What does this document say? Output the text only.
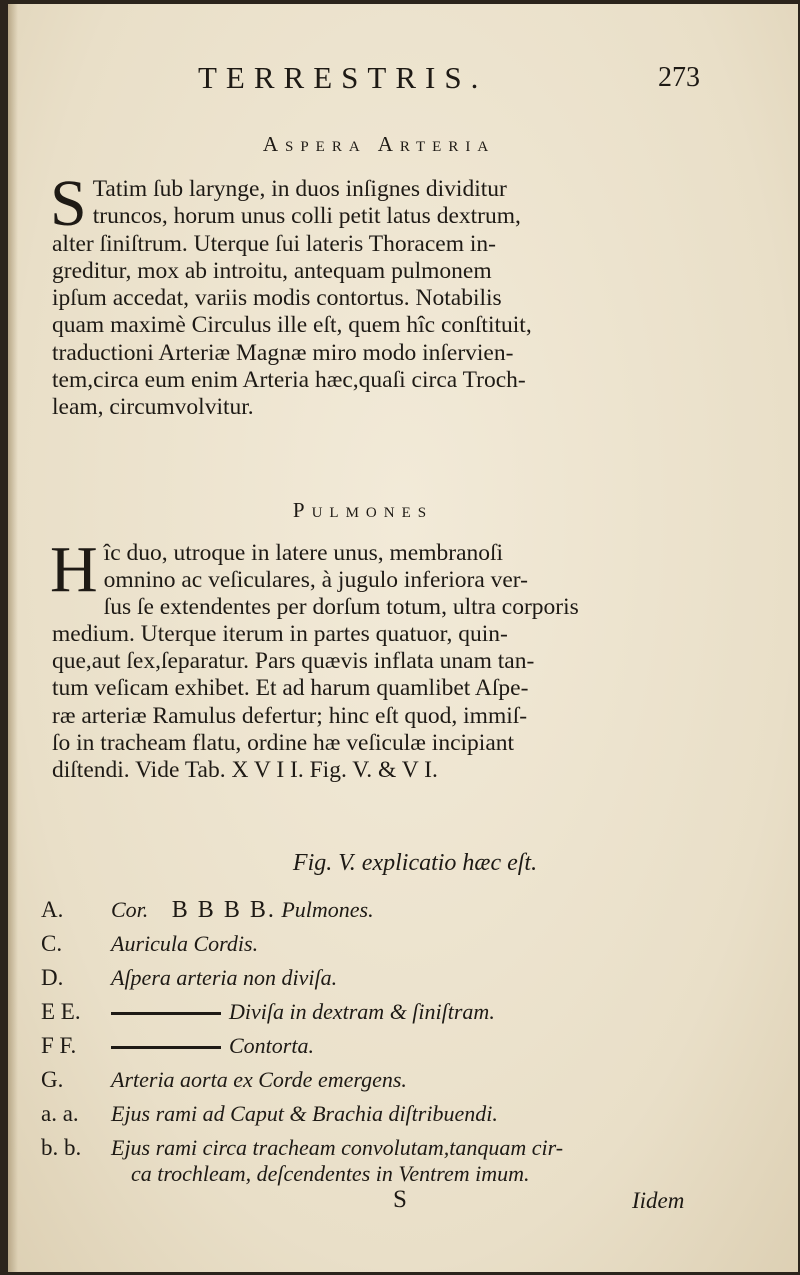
TERRESTRIS.	273
Aspera Arteria
S Tatim ſub larynge, in duos inſignes dividitur
truncos, horum unus colli petit latus dextrum,
alter ſiniſtrum. Uterque ſui lateris Thoracem in-
greditur, mox ab introitu, antequam pulmonem
ipſum accedat, variis modis contortus. Notabilis
quam maximè Circulus ille eſt, quem hîc conſtituit,
traductioni Arteriæ Magnæ miro modo inſervien-
tem,circa eum enim Arteria hæc,quaſi circa Troch-
leam, circumvolvitur.
Pulmones
H îc duo, utroque in latere unus, membranoſi
omnino ac veſiculares, à jugulo inferiora ver-
ſus ſe extendentes per dorſum totum, ultra corporis
medium. Uterque iterum in partes quatuor, quin-
que,aut ſex,ſeparatur. Pars quævis inflata unam tan-
tum veſicam exhibet. Et ad harum quamlibet Aſpe-
ræ arteriæ Ramulus defertur; hinc eſt quod, immiſ-
ſo in tracheam flatu, ordine hæ veſiculæ incipiant
diſtendi. Vide Tab. X V I I. Fig. V. & V I.
Fig. V. explicatio hæc eſt.
A. Cor. B B B B. Pulmones.
C. Auricula Cordis.
D. Aſpera arteria non diviſa.
E E.	Diviſa in dextram & ſiniſtram.
F F.	Contorta.
G. Arteria aorta ex Corde emergens.
a. a. Ejus rami ad Caput & Brachia diſtribuendi.
b. b. Ejus rami circa tracheam convolutam,tanquam cir-
ca trochleam, deſcendentes in Ventrem imum.
S	Iidem
